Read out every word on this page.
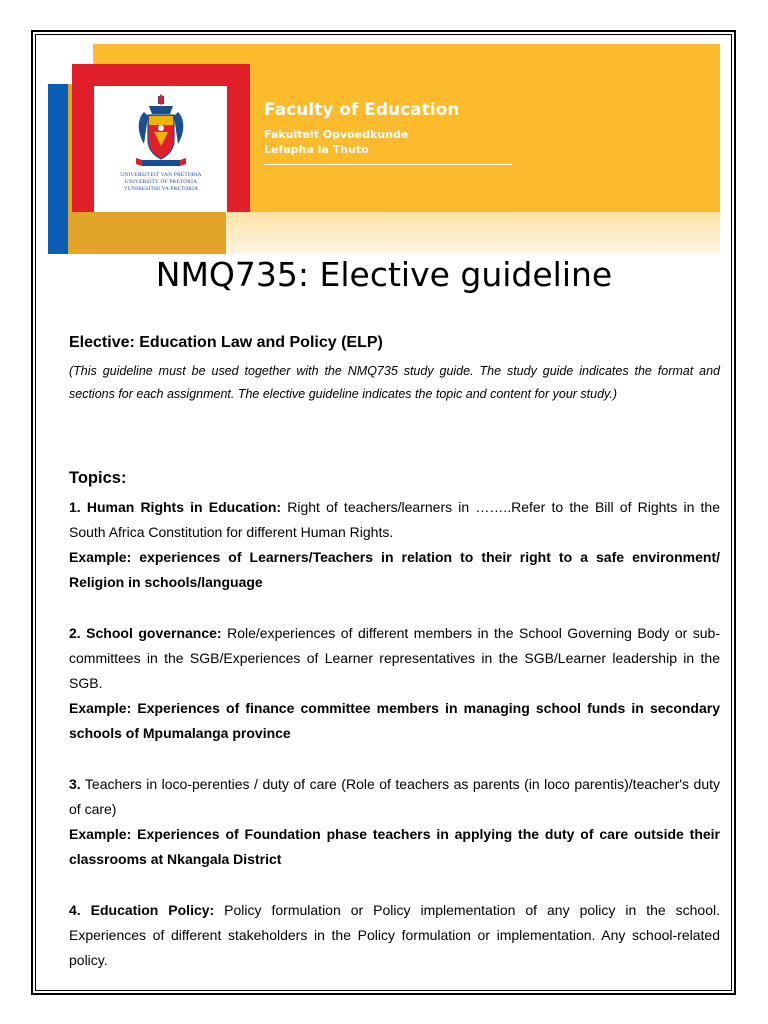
UNIVERSITEIT VAN PRETORIA
UNIVERSITY OF PRETORIA
YUNIBESITHI YA PRETORIA
Faculty of Education
Fakulteit Opvoedkunde
Lefapha la Thuto
NMQ735: Elective guideline
Elective: Education Law and Policy (ELP)
(This guideline must be used together with the NMQ735 study guide. The study guide indicates the format and sections for each assignment. The elective guideline indicates the topic and content for your study.)
Topics:

1. Human Rights in Education: Right of teachers/learners in ……..Refer to the Bill of Rights in the South Africa Constitution for different Human Rights.

Example: experiences of Learners/Teachers in relation to their right to a safe environment/ Religion in schools/language

2. School governance: Role/experiences of different members in the School Governing Body or sub-committees in the SGB/Experiences of Learner representatives in the SGB/Learner leadership in the SGB.

Example: Experiences of finance committee members in managing school funds in secondary schools of Mpumalanga province

3. Teachers in loco-perenties / duty of care (Role of teachers as parents (in loco parentis)/teacher's duty of care)

Example: Experiences of Foundation phase teachers in applying the duty of care outside their classrooms at Nkangala District

4. Education Policy: Policy formulation or Policy implementation of any policy in the school. Experiences of different stakeholders in the Policy formulation or implementation. Any school-related policy.
